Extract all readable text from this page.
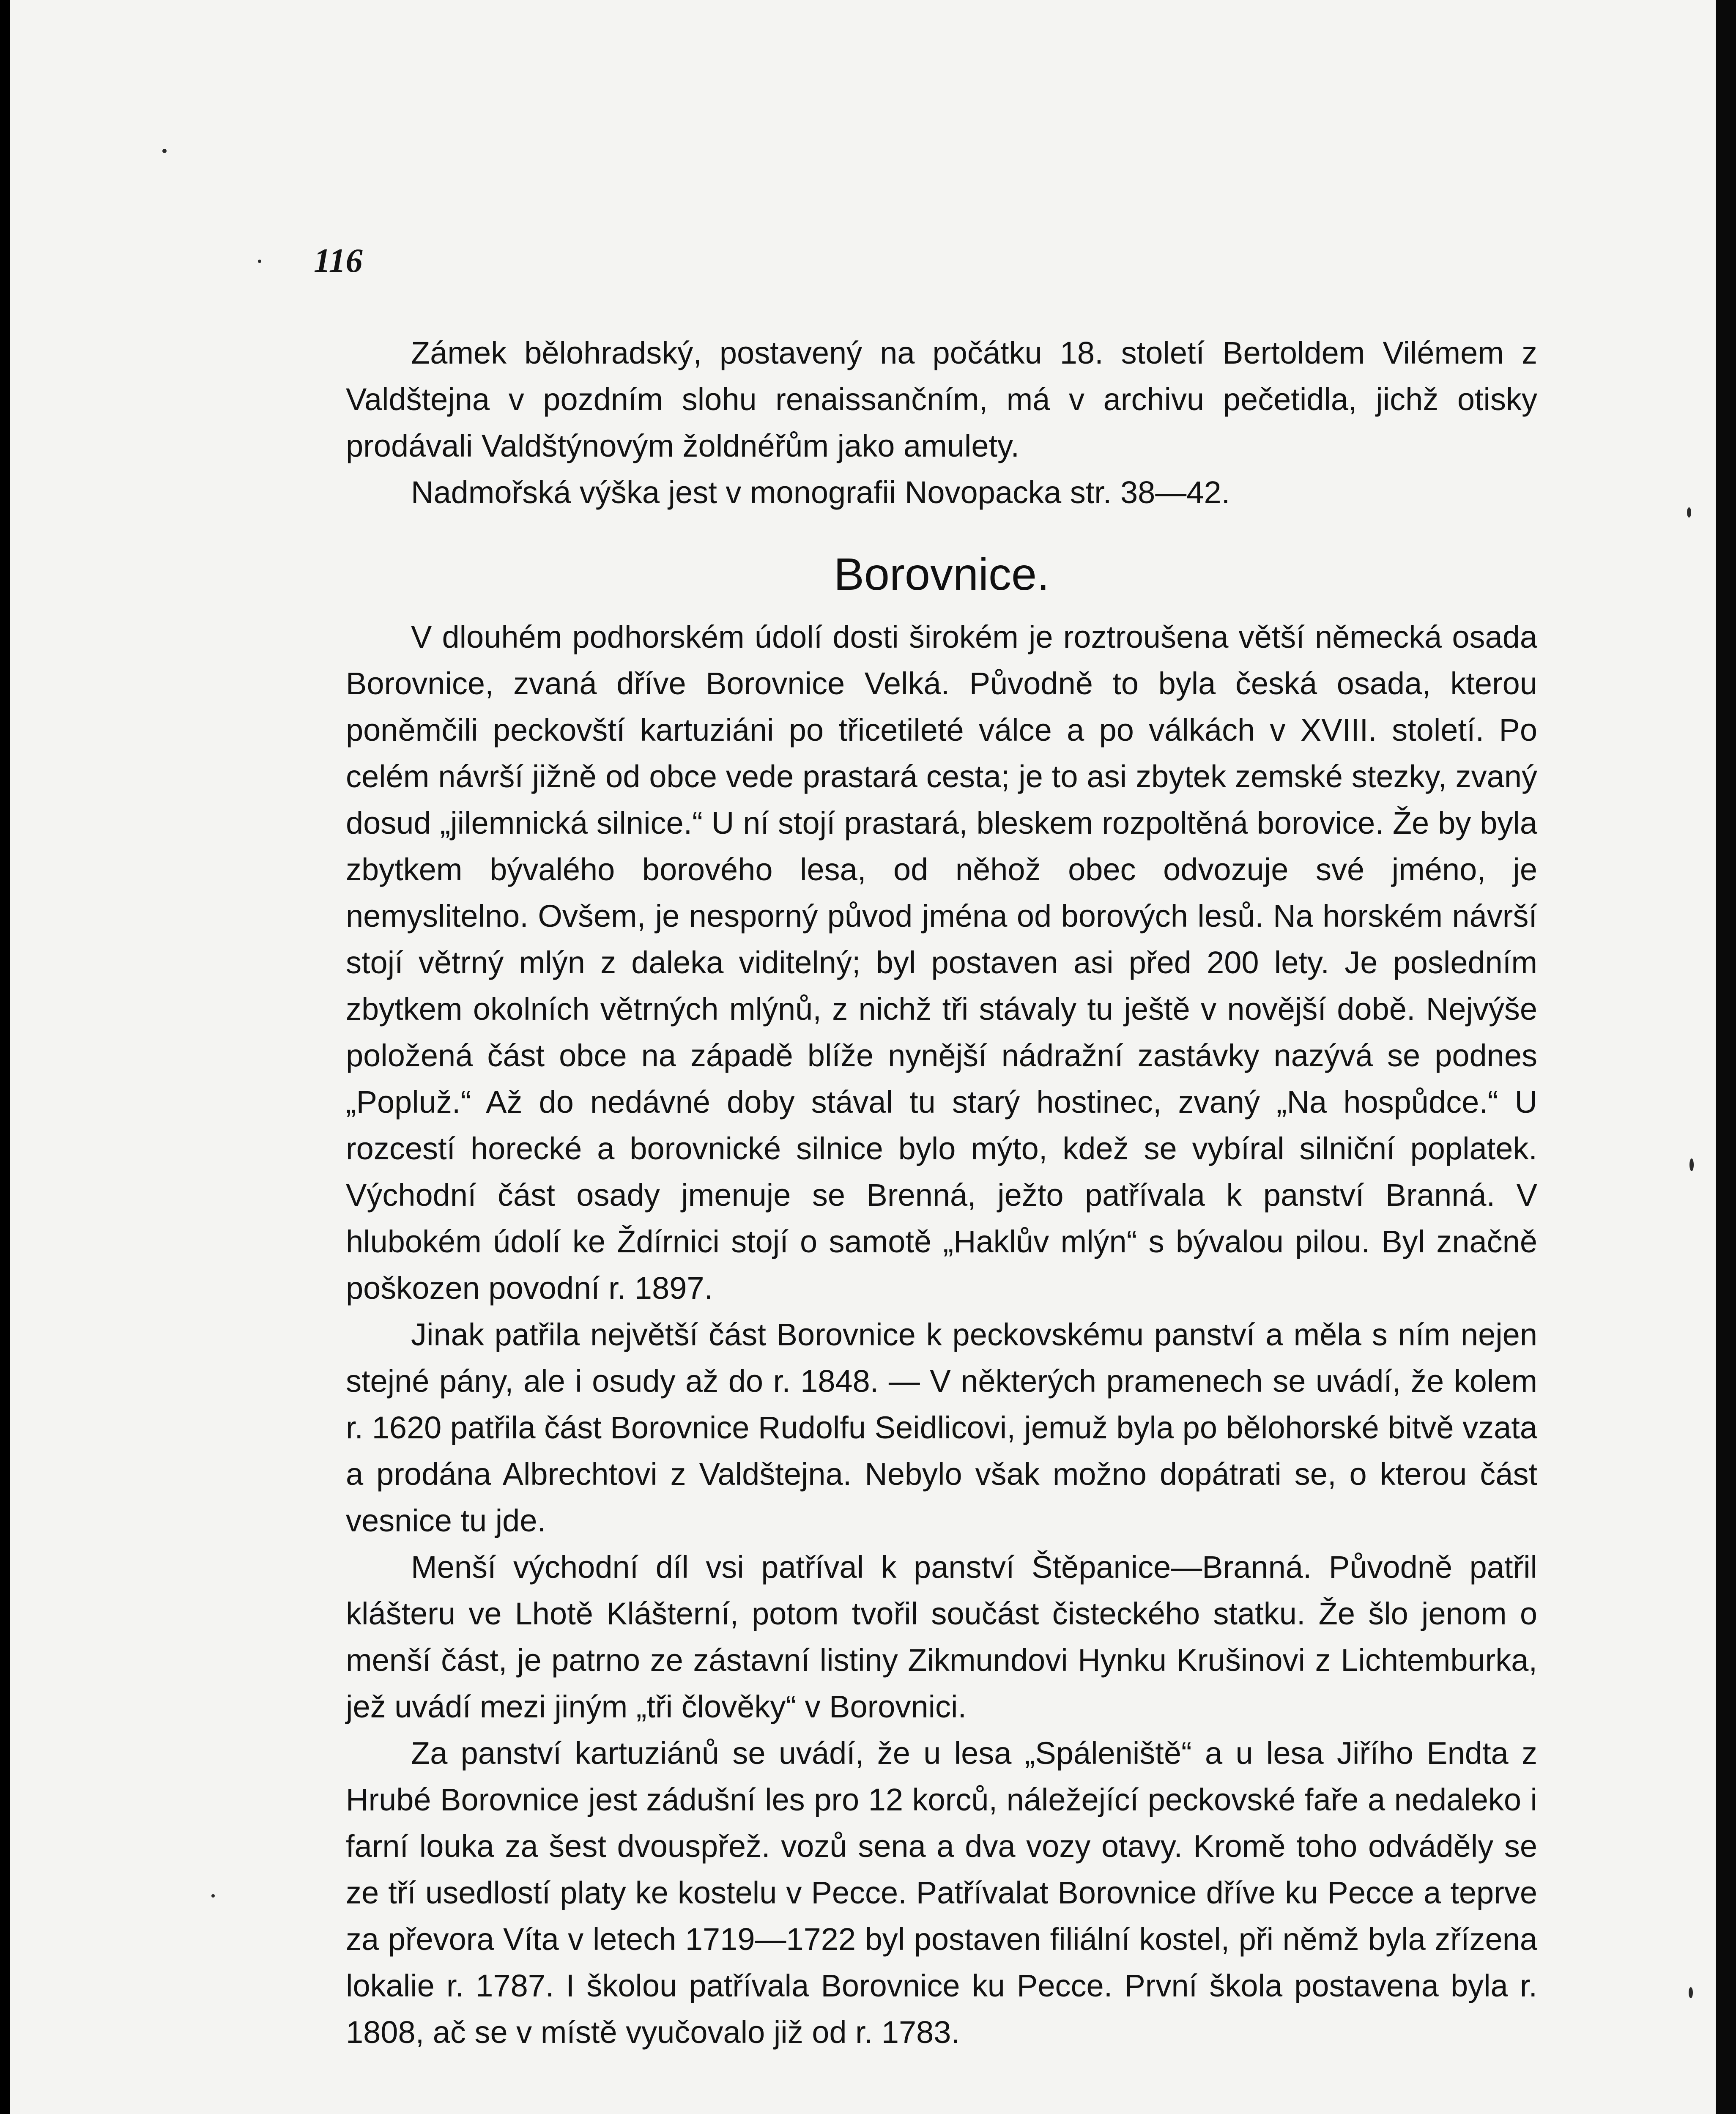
116

Zámek bělohradský, postavený na počátku 18. století Bertoldem Vilémem z Valdštejna v pozdním slohu renaissančním, má v archivu pečetidla, jichž otisky prodávali Valdštýnovým žoldnéřům jako amulety.

Nadmořská výška jest v monografii Novopacka str. 38—42.

Borovnice.

V dlouhém podhorském údolí dosti širokém je roztroušena větší německá osada Borovnice, zvaná dříve Borovnice Velká. Původně to byla česká osada, kterou poněmčili peckovští kartuziáni po třicetileté válce a po válkách v XVIII. století. Po celém návrší jižně od obce vede prastará cesta; je to asi zbytek zemské stezky, zvaný dosud „jilemnická silnice.“ U ní stojí prastará, bleskem rozpoltěná borovice. Že by byla zbytkem bývalého borového lesa, od něhož obec odvozuje své jméno, je nemyslitelno. Ovšem, je nesporný původ jména od borových lesů. Na horském návrší stojí větrný mlýn z daleka viditelný; byl postaven asi před 200 lety. Je posledním zbytkem okolních větrných mlýnů, z nichž tři stávaly tu ještě v novější době. Nejvýše položená část obce na západě blíže nynější nádražní zastávky nazývá se podnes „Popluž.“ Až do nedávné doby stával tu starý hostinec, zvaný „Na hospůdce.“ U rozcestí horecké a borovnické silnice bylo mýto, kdež se vybíral silniční poplatek. Východní část osady jmenuje se Brenná, ježto patřívala k panství Branná. V hlubokém údolí ke Ždírnici stojí o samotě „Haklův mlýn“ s bývalou pilou. Byl značně poškozen povodní r. 1897.

Jinak patřila největší část Borovnice k peckovskému panství a měla s ním nejen stejné pány, ale i osudy až do r. 1848. — V některých pramenech se uvádí, že kolem r. 1620 patřila část Borovnice Rudolfu Seidlicovi, jemuž byla po bělohorské bitvě vzata a prodána Albrechtovi z Valdštejna. Nebylo však možno dopátrati se, o kterou část vesnice tu jde.

Menší východní díl vsi patříval k panství Štěpanice—Branná. Původně patřil klášteru ve Lhotě Klášterní, potom tvořil součást čisteckého statku. Že šlo jenom o menší část, je patrno ze zástavní listiny Zikmundovi Hynku Krušinovi z Lichtemburka, jež uvádí mezi jiným „tři člověky“ v Borovnici.

Za panství kartuziánů se uvádí, že u lesa „Spáleniště“ a u lesa Jiřího Endta z Hrubé Borovnice jest zádušní les pro 12 korců, náležející peckovské faře a nedaleko i farní louka za šest dvouspřež. vozů sena a dva vozy otavy. Kromě toho odváděly se ze tří usedlostí platy ke kostelu v Pecce. Patřívalat Borovnice dříve ku Pecce a teprve za převora Víta v letech 1719—1722 byl postaven filiální kostel, při němž byla zřízena lokalie r. 1787. I školou patřívala Borovnice ku Pecce. První škola postavena byla r. 1808, ač se v místě vyučovalo již od r. 1783.
